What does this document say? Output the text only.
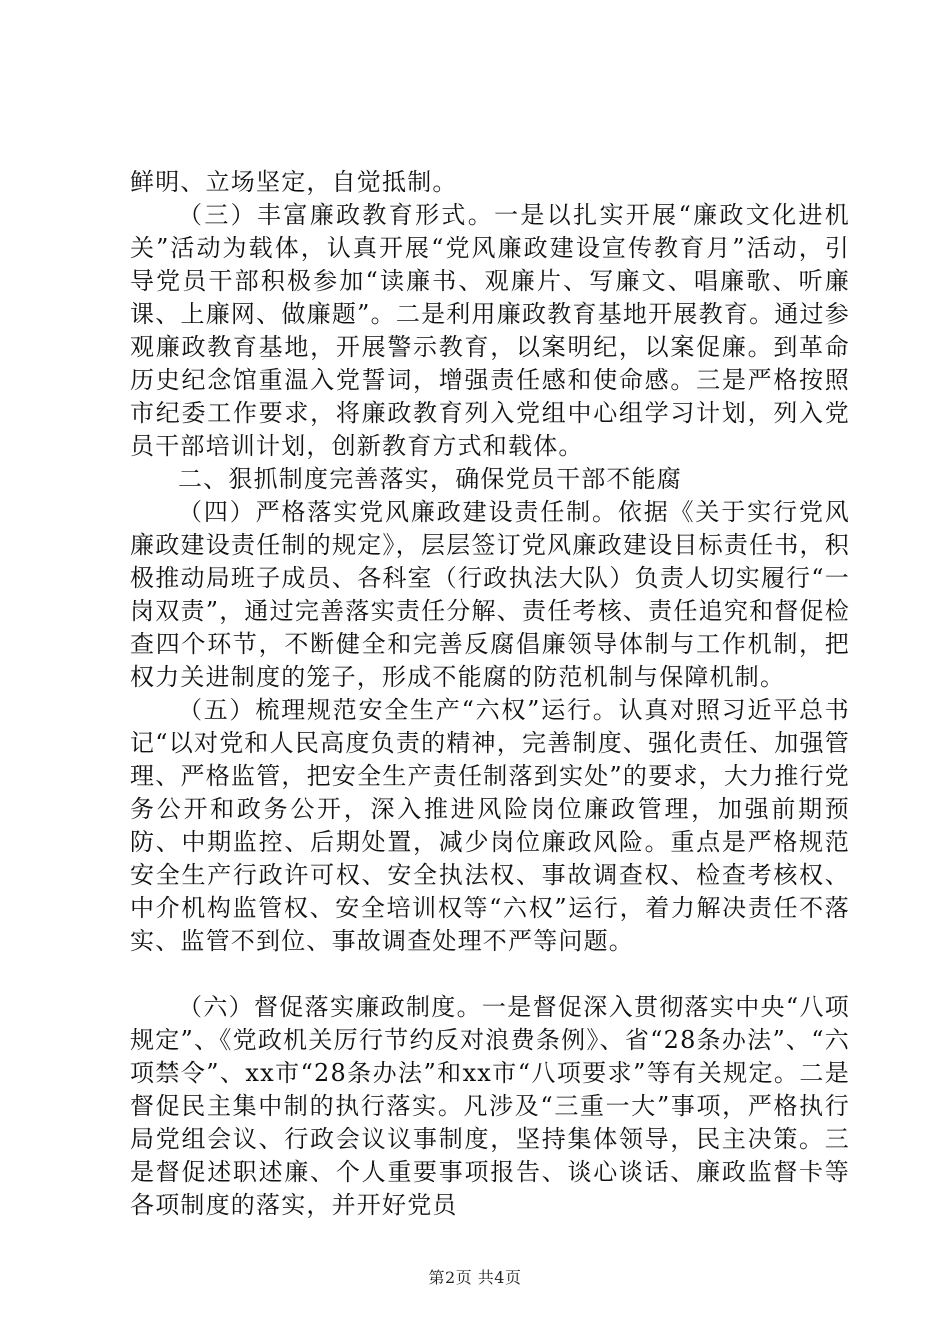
鲜明、立场坚定，自觉抵制。

（三）丰富廉政教育形式。一是以扎实开展“廉政文化进机关”活动为载体，认真开展“党风廉政建设宣传教育月”活动，引导党员干部积极参加“读廉书、观廉片、写廉文、唱廉歌、听廉课、上廉网、做廉题”。二是利用廉政教育基地开展教育。通过参观廉政教育基地，开展警示教育，以案明纪，以案促廉。到革命历史纪念馆重温入党誓词，增强责任感和使命感。三是严格按照市纪委工作要求，将廉政教育列入党组中心组学习计划，列入党员干部培训计划，创新教育方式和载体。

二、狠抓制度完善落实，确保党员干部不能腐

（四）严格落实党风廉政建设责任制。依据《关于实行党风廉政建设责任制的规定》，层层签订党风廉政建设目标责任书，积极推动局班子成员、各科室（行政执法大队）负责人切实履行“一岗双责”，通过完善落实责任分解、责任考核、责任追究和督促检查四个环节，不断健全和完善反腐倡廉领导体制与工作机制，把权力关进制度的笼子，形成不能腐的防范机制与保障机制。

（五）梳理规范安全生产“六权”运行。认真对照习近平总书记“以对党和人民高度负责的精神，完善制度、强化责任、加强管理、严格监管，把安全生产责任制落到实处”的要求，大力推行党务公开和政务公开，深入推进风险岗位廉政管理，加强前期预防、中期监控、后期处置，减少岗位廉政风险。重点是严格规范安全生产行政许可权、安全执法权、事故调查权、检查考核权、中介机构监管权、安全培训权等“六权”运行，着力解决责任不落实、监管不到位、事故调查处理不严等问题。

（六）督促落实廉政制度。一是督促深入贯彻落实中央“八项规定”、《党政机关厉行节约反对浪费条例》、省“28条办法”、“六项禁令”、xx市“28条办法”和xx市“八项要求”等有关规定。二是督促民主集中制的执行落实。凡涉及“三重一大”事项，严格执行局党组会议、行政会议议事制度，坚持集体领导，民主决策。三是督促述职述廉、个人重要事项报告、谈心谈话、廉政监督卡等各项制度的落实，并开好党员

第2页 共4页
